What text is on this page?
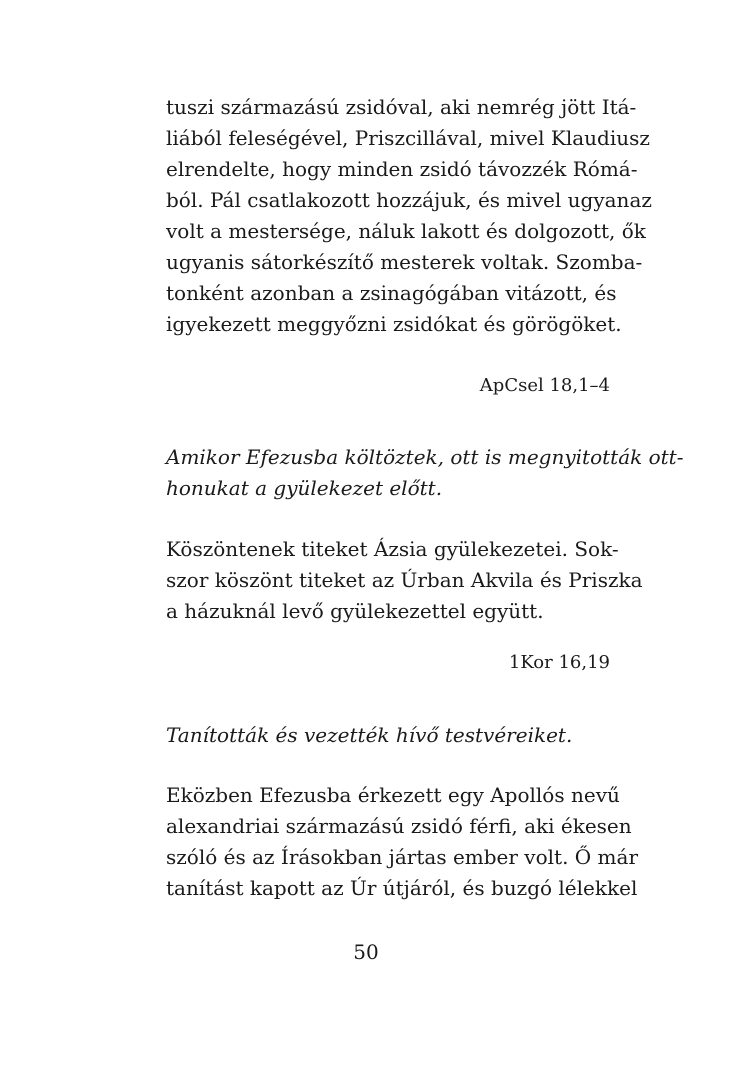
tuszi származású zsidóval, aki nemrég jött Itá-
liából feleségével, Priszcillával, mivel Klaudiusz
elrendelte, hogy minden zsidó távozzék Rómá-
ból. Pál csatlakozott hozzájuk, és mivel ugyanaz
volt a mestersége, náluk lakott és dolgozott, ők
ugyanis sátorkészítő mesterek voltak. Szomba-
tonként azonban a zsinagógában vitázott, és
igyekezett meggyőzni zsidókat és görögöket.

ApCsel 18,1–4

Amikor Efezusba költöztek, ott is megnyitották ott-
honukat a gyülekezet előtt.
Köszöntenek titeket Ázsia gyülekezetei. Sok-
szor köszönt titeket az Úrban Akvila és Priszka
a házuknál levő gyülekezettel együtt.

1Kor 16,19

Tanították és vezették hívő testvéreiket.
Eközben Efezusba érkezett egy Apollós nevű
alexandriai származású zsidó férfi, aki ékesen
szóló és az Írásokban jártas ember volt. Ő már
tanítást kapott az Úr útjáról, és buzgó lélekkel
50
